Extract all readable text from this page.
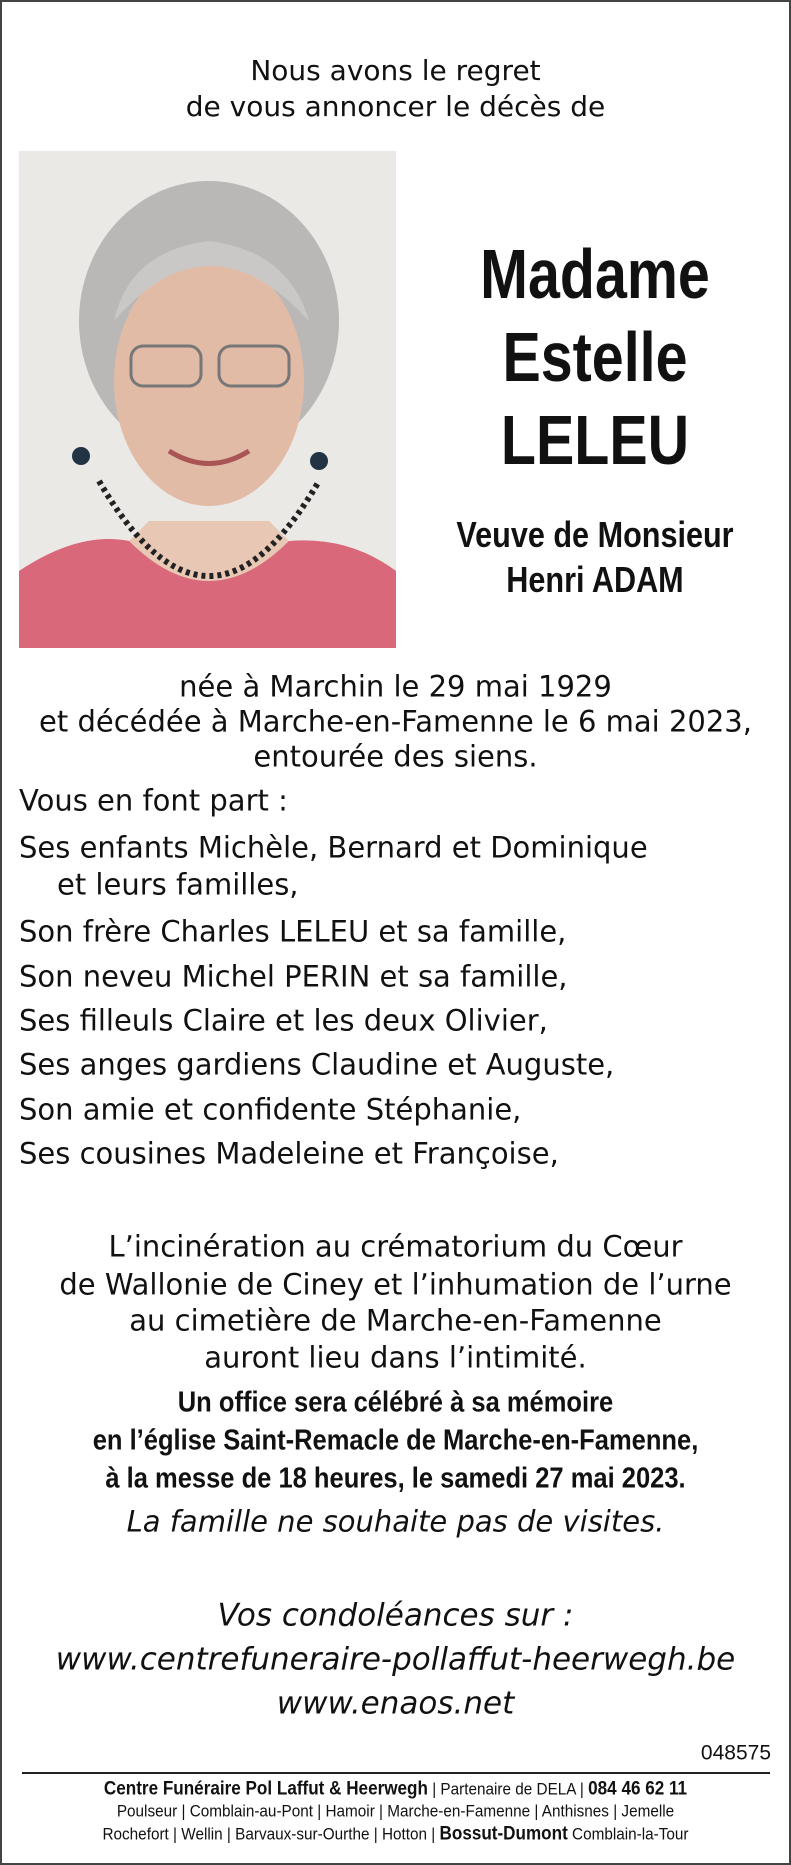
Nous avons le regret
de vous annoncer le décès de
Madame
Estelle
LELEU
Veuve de Monsieur
Henri ADAM
née à Marchin le 29 mai 1929
et décédée à Marche-en-Famenne le 6 mai 2023,
entourée des siens.
Vous en font part :
Ses enfants Michèle, Bernard et Dominique
et leurs familles,
Son frère Charles LELEU et sa famille,
Son neveu Michel PERIN et sa famille,
Ses filleuls Claire et les deux Olivier,
Ses anges gardiens Claudine et Auguste,
Son amie et confidente Stéphanie,
Ses cousines Madeleine et Françoise,
L’incinération au crématorium du Cœur
de Wallonie de Ciney et l’inhumation de l’urne
au cimetière de Marche-en-Famenne
auront lieu dans l’intimité.
Un office sera célébré à sa mémoire
en l’église Saint-Remacle de Marche-en-Famenne,
à la messe de 18 heures, le samedi 27 mai 2023.
La famille ne souhaite pas de visites.
Vos condoléances sur :
www.centrefuneraire-pollaffut-heerwegh.be
www.enaos.net
048575
Centre Funéraire Pol Laffut & Heerwegh | Partenaire de DELA | 084 46 62 11
Poulseur | Comblain-au-Pont | Hamoir | Marche-en-Famenne | Anthisnes | Jemelle
Rochefort | Wellin | Barvaux-sur-Ourthe | Hotton | Bossut-Dumont Comblain-la-Tour
